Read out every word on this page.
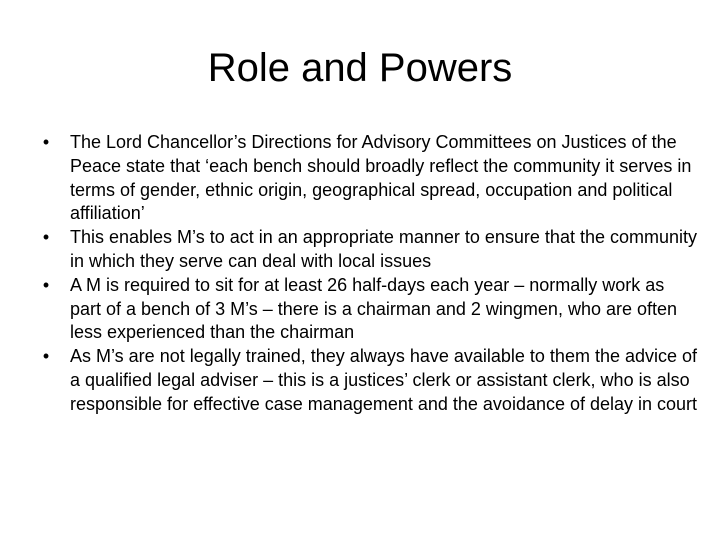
Role and Powers
•	The Lord Chancellor’s Directions for Advisory Committees on Justices of the Peace state that ‘each bench should broadly reflect the community it serves in terms of gender, ethnic origin, geographical spread, occupation and political affiliation’
•	This enables M’s to act in an appropriate manner to ensure that the community in which they serve can deal with local issues
•	A M is required to sit for at least 26 half-days each year – normally work as part of a bench of 3 M’s – there is a chairman and 2 wingmen, who are often less experienced than the chairman
•	As M’s are not legally trained, they always have available to them the advice of a qualified legal adviser – this is a justices’ clerk or assistant clerk, who is also responsible for effective case management and the avoidance of delay in court
